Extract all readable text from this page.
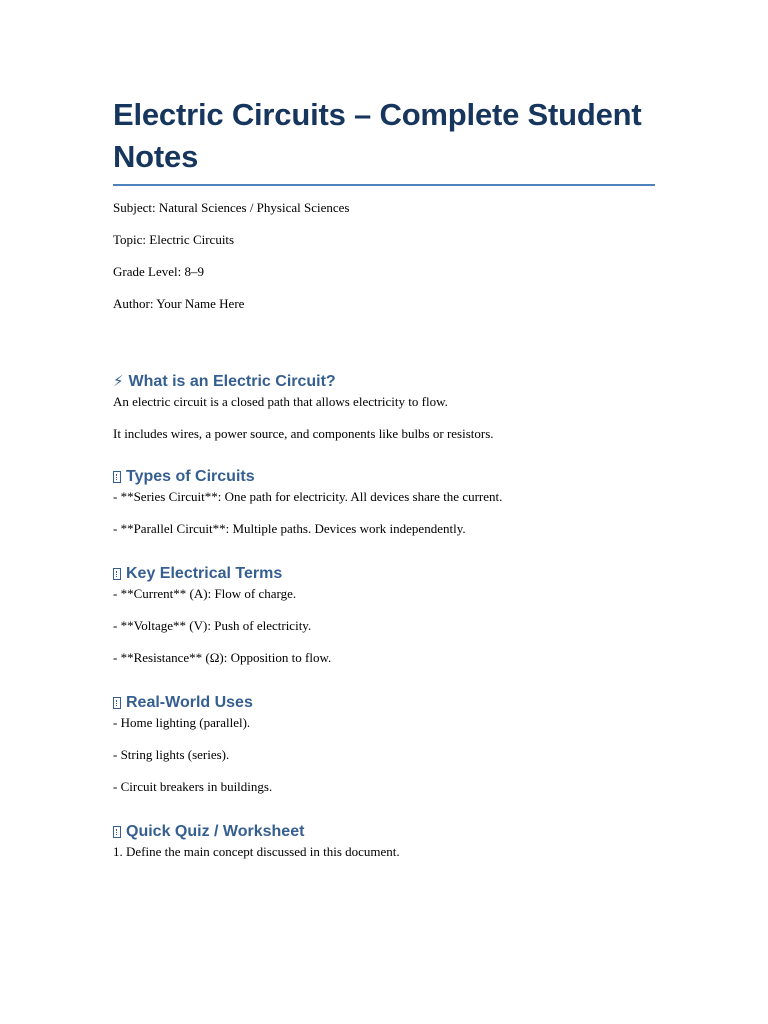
Electric Circuits – Complete Student Notes

Subject: Natural Sciences / Physical Sciences

Topic: Electric Circuits

Grade Level: 8–9

Author: Your Name Here

⚡ What is an Electric Circuit?

An electric circuit is a closed path that allows electricity to flow.

It includes wires, a power source, and components like bulbs or resistors.

Types of Circuits

- **Series Circuit**: One path for electricity. All devices share the current.

- **Parallel Circuit**: Multiple paths. Devices work independently.

Key Electrical Terms

- **Current** (A): Flow of charge.

- **Voltage** (V): Push of electricity.

- **Resistance** (Ω): Opposition to flow.

Real-World Uses

- Home lighting (parallel).

- String lights (series).

- Circuit breakers in buildings.

Quick Quiz / Worksheet

1. Define the main concept discussed in this document.
